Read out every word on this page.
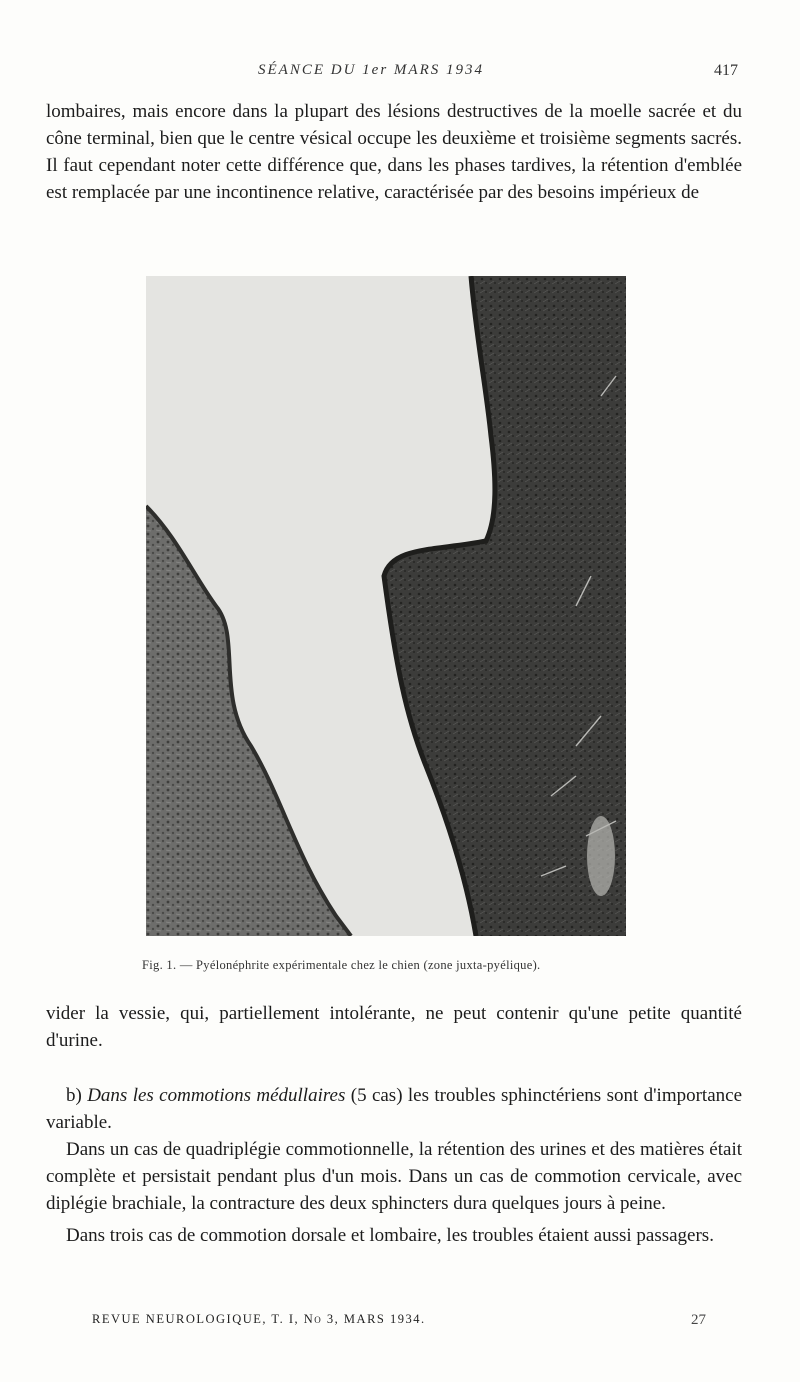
SÉANCE DU 1er MARS 1934	417

lombaires, mais encore dans la plupart des lésions destructives de la moelle sacrée et du cône terminal, bien que le centre vésical occupe les deuxième et troisième segments sacrés. Il faut cependant noter cette différence que, dans les phases tardives, la rétention d'emblée est remplacée par une incontinence relative, caractérisée par des besoins impérieux de

Fig. 1. — Pyélonéphrite expérimentale chez le chien (zone juxta-pyélique).

vider la vessie, qui, partiellement intolérante, ne peut contenir qu'une petite quantité d'urine.

b) Dans les commotions médullaires (5 cas) les troubles sphinctériens sont d'importance variable.

Dans un cas de quadriplégie commotionnelle, la rétention des urines et des matières était complète et persistait pendant plus d'un mois. Dans un cas de commotion cervicale, avec diplégie brachiale, la contracture des deux sphincters dura quelques jours à peine.

Dans trois cas de commotion dorsale et lombaire, les troubles étaient aussi passagers.

REVUE NEUROLOGIQUE, T. I, No 3, MARS 1934.	27
